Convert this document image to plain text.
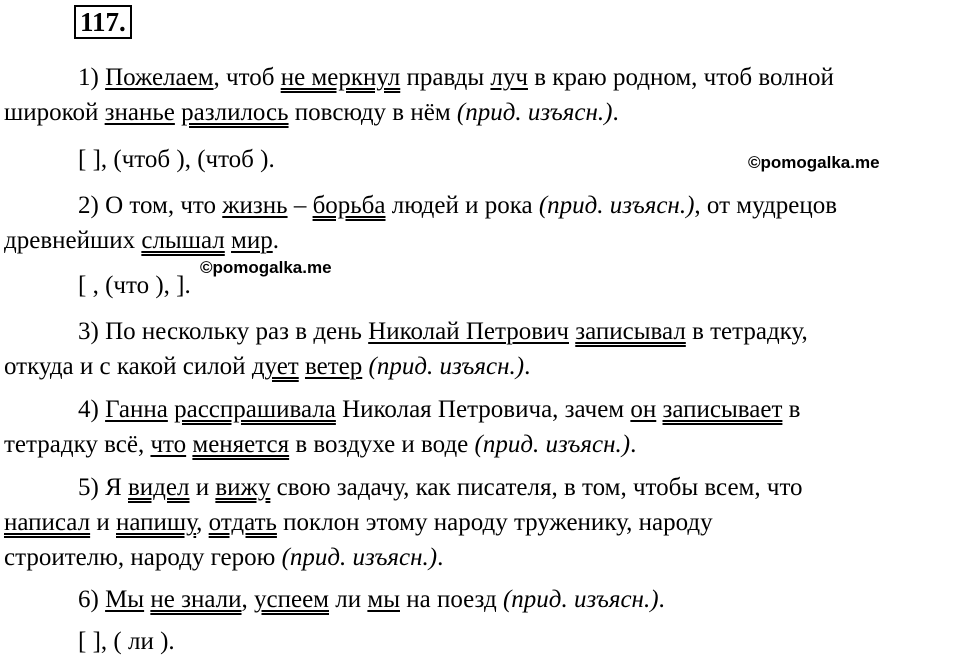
117.
1) Пожелаем, чтоб не меркнул правды луч в краю родном, чтоб волной
широкой знанье разлилось повсюду в нём (прид. изъясн.).
[ ], (чтоб ), (чтоб ).	©pomogalka.me
2) О том, что жизнь – борьба людей и рока (прид. изъясн.), от мудрецов
древнейших слышал мир.
[ , (что ), ].
©pomogalka.me
3) По нескольку раз в день Николай Петрович записывал в тетрадку,
откуда и с какой силой дует ветер (прид. изъясн.).
4) Ганна расспрашивала Николая Петровича, зачем он записывает в
тетрадку всё, что меняется в воздухе и воде (прид. изъясн.).
5) Я видел и вижу свою задачу, как писателя, в том, чтобы всем, что
написал и напишу, отдать поклон этому народу труженику, народу
строителю, народу герою (прид. изъясн.).
6) Мы не знали, успеем ли мы на поезд (прид. изъясн.).
[ ], ( ли ).
